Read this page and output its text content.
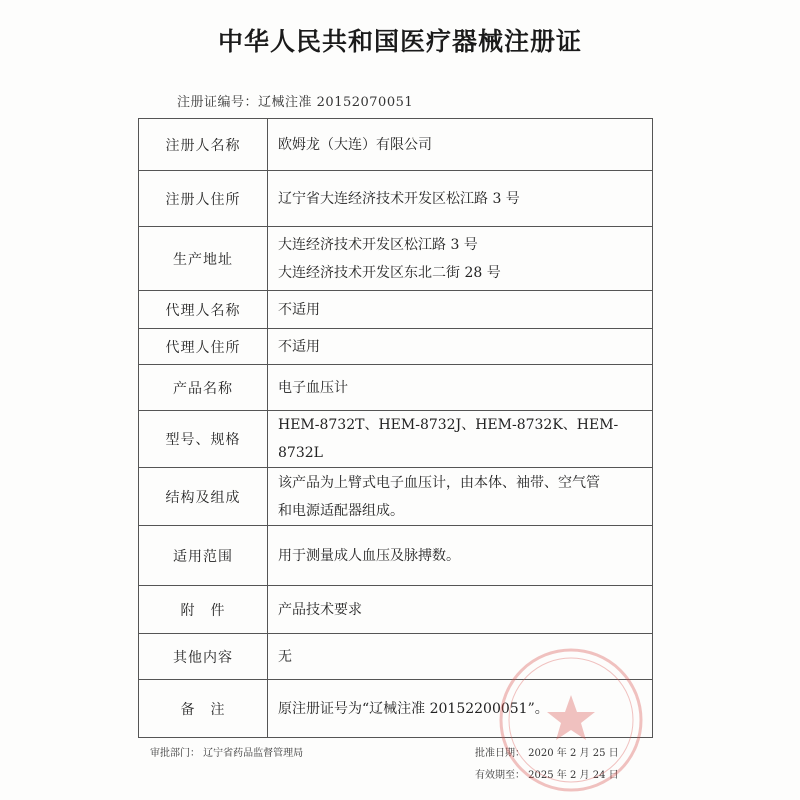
中华人民共和国医疗器械注册证
注册证编号：辽械注准 20152070051
注册人名称	欧姆龙（大连）有限公司

注册人住所	辽宁省大连经济技术开发区松江路 3 号

生产地址	大连经济技术开发区松江路 3 号
大连经济技术开发区东北二街 28 号

代理人名称	不适用

代理人住所	不适用

产品名称	电子血压计

型号、规格	HEM-8732T、HEM-8732J、HEM-8732K、HEM-8732L

结构及组成	该产品为上臂式电子血压计，由本体、袖带、空气管
和电源适配器组成。

适用范围	用于测量成人血压及脉搏数。

附　件	产品技术要求

其他内容	无

备　注	原注册证号为“辽械注准 20152200051”。
审批部门： 辽宁省药品监督管理局	批准日期： 2020 年 2 月 25 日
有效期至： 2025 年 2 月 24 日
